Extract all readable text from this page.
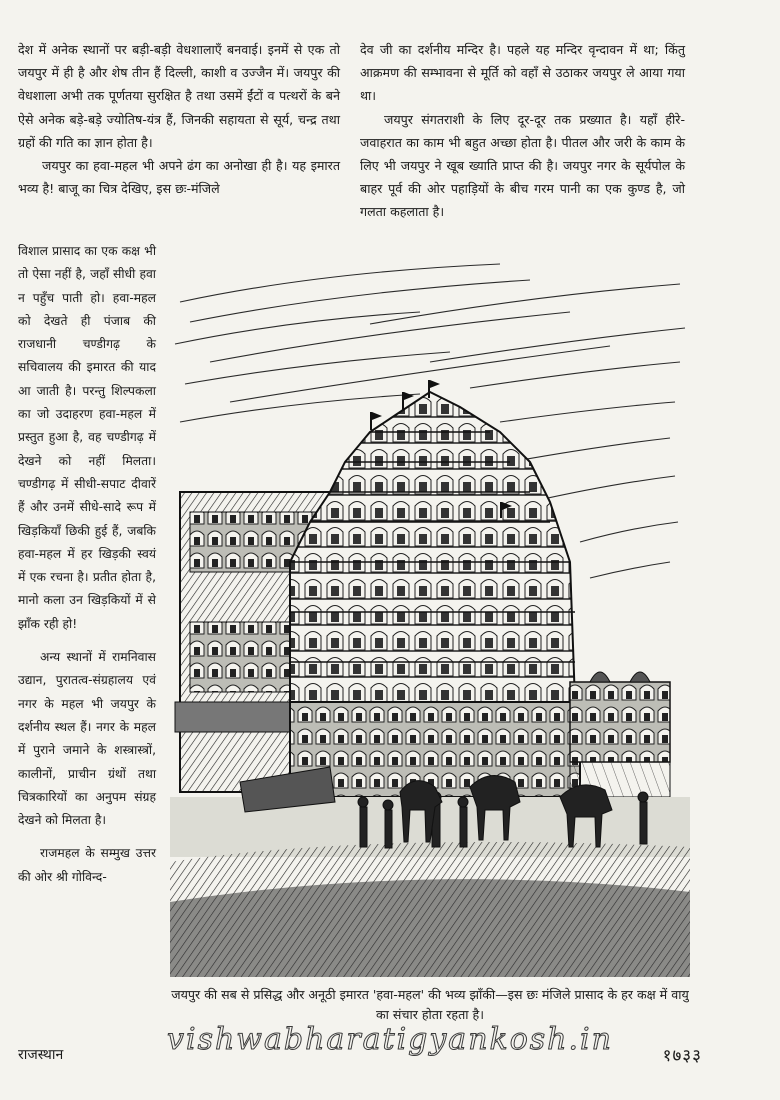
देश में अनेक स्थानों पर बड़ी-बड़ी वेधशालाएँ बनवाई। इनमें से एक तो जयपुर में ही है और शेष तीन हैं दिल्ली, काशी व उज्जैन में। जयपुर की वेधशाला अभी तक पूर्णतया सुरक्षित है तथा उसमें ईंटों व पत्थरों के बने ऐसे अनेक बड़े-बड़े ज्योतिष-यंत्र हैं, जिनकी सहायता से सूर्य, चन्द्र तथा ग्रहों की गति का ज्ञान होता है।

जयपुर का हवा-महल भी अपने ढंग का अनोखा ही है। यह इमारत भव्य है! बाजू का चित्र देखिए, इस छः-मंजिले

देव जी का दर्शनीय मन्दिर है। पहले यह मन्दिर वृन्दावन में था; किंतु आक्रमण की सम्भावना से मूर्ति को वहाँ से उठाकर जयपुर ले आया गया था।

जयपुर संगतराशी के लिए दूर-दूर तक प्रख्यात है। यहाँ हीरे-जवाहरात का काम भी बहुत अच्छा होता है। पीतल और जरी के काम के लिए भी जयपुर ने खूब ख्याति प्राप्त की है। जयपुर नगर के सूर्यपोल के बाहर पूर्व की ओर पहाड़ियों के बीच गरम पानी का एक कुण्ड है, जो गलता कहलाता है।

विशाल प्रासाद का एक कक्ष भी तो ऐसा नहीं है, जहाँ सीधी हवा न पहुँच पाती हो। हवा-महल को देखते ही पंजाब की राजधानी चण्डीगढ़ के सचिवालय की इमारत की याद आ जाती है। परन्तु शिल्पकला का जो उदाहरण हवा-महल में प्रस्तुत हुआ है, वह चण्डीगढ़ में देखने को नहीं मिलता। चण्डीगढ़ में सीधी-सपाट दीवारें हैं और उनमें सीधे-सादे रूप में खिड़कियाँ छिकी हुई हैं, जबकि हवा-महल में हर खिड़की स्वयं में एक रचना है। प्रतीत होता है, मानो कला उन खिड़कियों में से झाँक रही हो!

अन्य स्थानों में रामनिवास उद्यान, पुरातत्व-संग्रहालय एवं नगर के महल भी जयपुर के दर्शनीय स्थल हैं। नगर के महल में पुराने जमाने के शस्त्रास्त्रों, कालीनों, प्राचीन ग्रंथों तथा चित्रकारियों का अनुपम संग्रह देखने को मिलता है।

राजमहल के सम्मुख उत्तर की ओर श्री गोविन्द-

जयपुर की सब से प्रसिद्ध और अनूठी इमारत 'हवा-महल' की भव्य झाँकी—इस छः मंजिले प्रासाद के हर कक्ष में वायु का संचार होता रहता है।
राजस्थान	vishwabharatigyankosh.in	१७३३
